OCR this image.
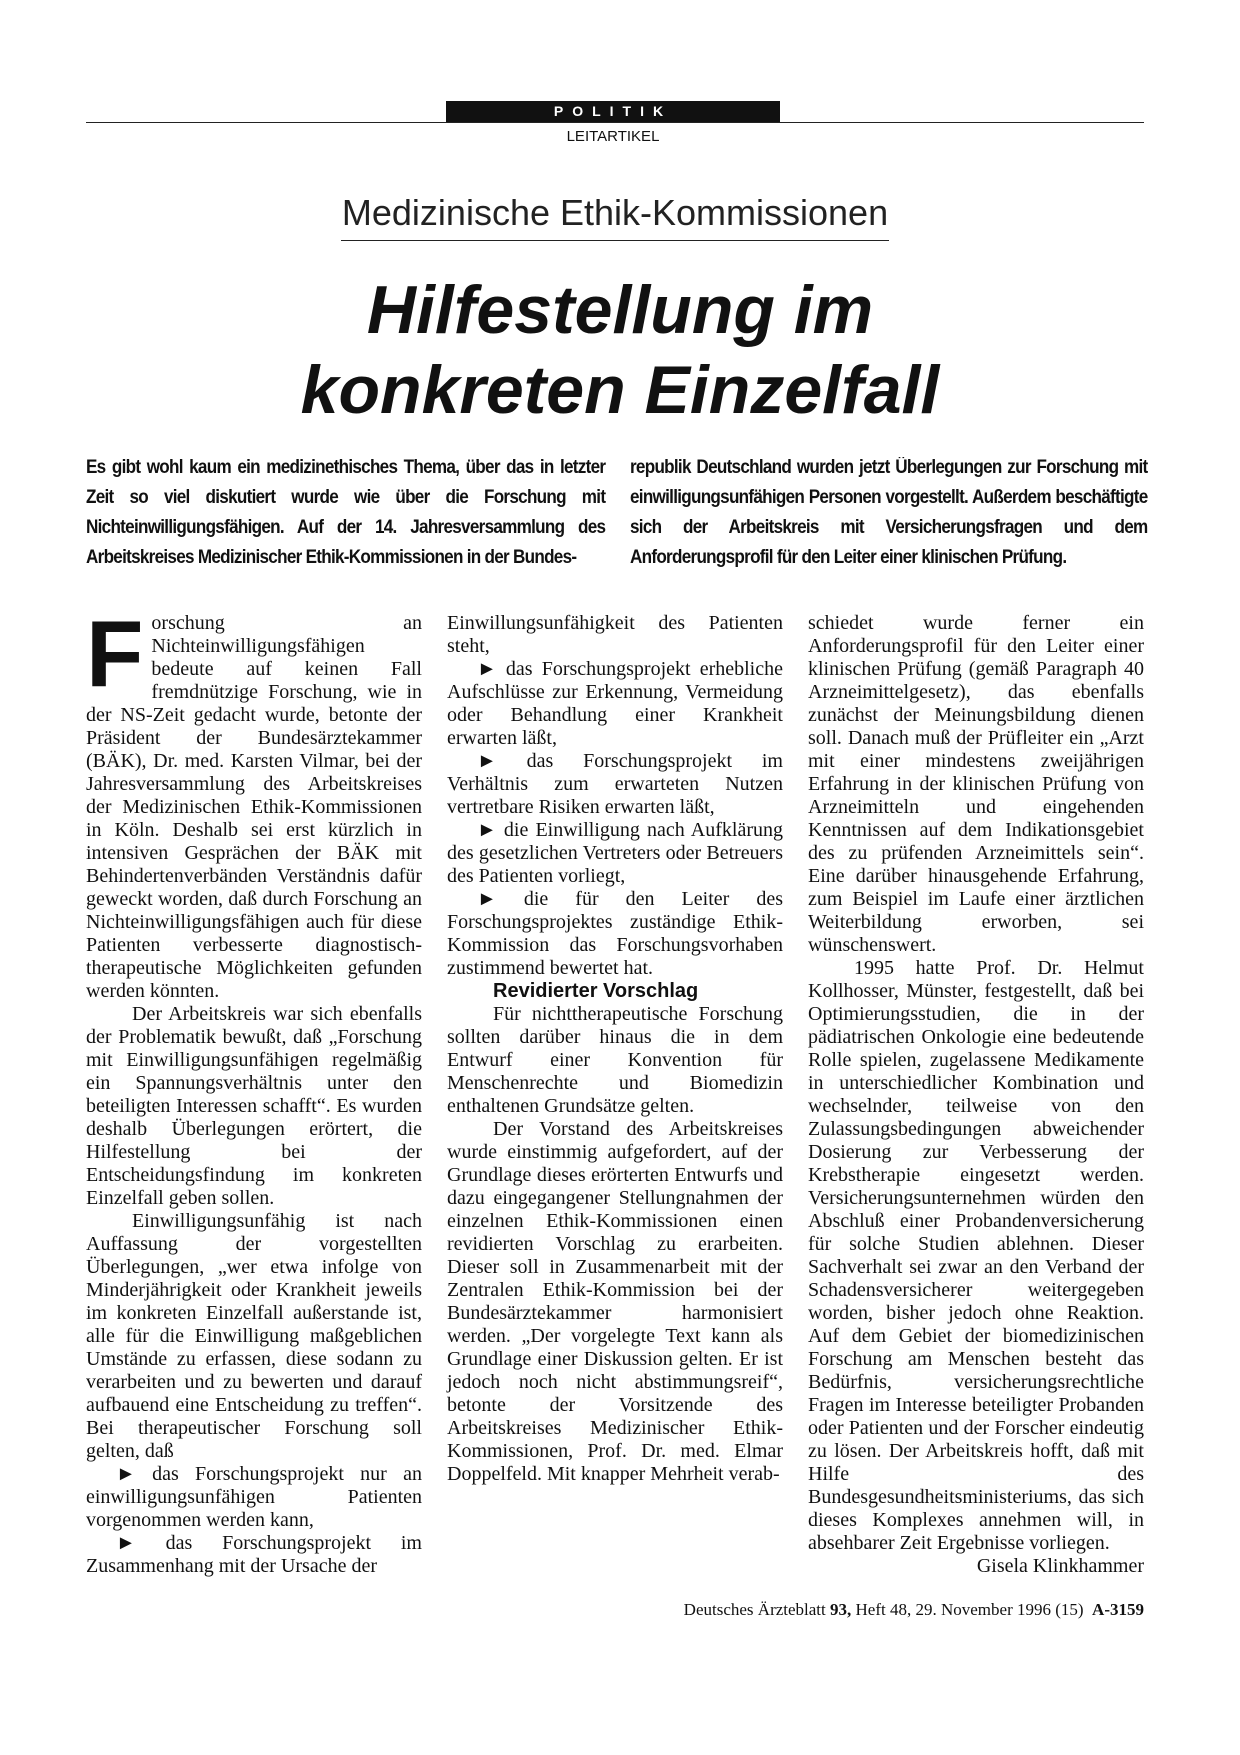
POLITIK
LEITARTIKEL
Medizinische Ethik-Kommissionen
Hilfestellung im
konkreten Einzelfall
Es gibt wohl kaum ein medizinethisches Thema, über das in letzter Zeit so viel diskutiert wurde wie über die Forschung mit Nichteinwilligungsfähigen. Auf der 14. Jahresversammlung des Arbeitskreises Medizinischer Ethik-Kommissionen in der Bundes-
republik Deutschland wurden jetzt Überlegungen zur Forschung mit einwilligungsunfähigen Personen vorgestellt. Außerdem beschäftigte sich der Arbeitskreis mit Versicherungsfragen und dem Anforderungsprofil für den Leiter einer klinischen Prüfung.

Forschung an Nichteinwilligungsfähigen bedeute auf keinen Fall fremdnützige Forschung, wie in der NS-Zeit gedacht wurde, betonte der Präsident der Bundesärztekammer (BÄK), Dr. med. Karsten Vilmar, bei der Jahresversammlung des Arbeitskreises der Medizinischen Ethik-Kommissionen in Köln. Deshalb sei erst kürzlich in intensiven Gesprächen der BÄK mit Behindertenverbänden Verständnis dafür geweckt worden, daß durch Forschung an Nichteinwilligungsfähigen auch für diese Patienten verbesserte diagnostisch-therapeutische Möglichkeiten gefunden werden könnten.

Der Arbeitskreis war sich ebenfalls der Problematik bewußt, daß „Forschung mit Einwilligungsunfähigen regelmäßig ein Spannungsverhältnis unter den beteiligten Interessen schafft“. Es wurden deshalb Überlegungen erörtert, die Hilfestellung bei der Entscheidungsfindung im konkreten Einzelfall geben sollen.

Einwilligungsunfähig ist nach Auffassung der vorgestellten Überlegungen, „wer etwa infolge von Minderjährigkeit oder Krankheit jeweils im konkreten Einzelfall außerstande ist, alle für die Einwilligung maßgeblichen Umstände zu erfassen, diese sodann zu verarbeiten und zu bewerten und darauf aufbauend eine Entscheidung zu treffen“. Bei therapeutischer Forschung soll gelten, daß

► das Forschungsprojekt nur an einwilligungsunfähigen Patienten vorgenommen werden kann,

► das Forschungsprojekt im Zusammenhang mit der Ursache der

Einwillungsunfähigkeit des Patienten steht,

► das Forschungsprojekt erhebliche Aufschlüsse zur Erkennung, Vermeidung oder Behandlung einer Krankheit erwarten läßt,

► das Forschungsprojekt im Verhältnis zum erwarteten Nutzen vertretbare Risiken erwarten läßt,

► die Einwilligung nach Aufklärung des gesetzlichen Vertreters oder Betreuers des Patienten vorliegt,

► die für den Leiter des Forschungsprojektes zuständige Ethik-Kommission das Forschungsvorhaben zustimmend bewertet hat.

Revidierter Vorschlag

Für nichttherapeutische Forschung sollten darüber hinaus die in dem Entwurf einer Konvention für Menschenrechte und Biomedizin enthaltenen Grundsätze gelten.

Der Vorstand des Arbeitskreises wurde einstimmig aufgefordert, auf der Grundlage dieses erörterten Entwurfs und dazu eingegangener Stellungnahmen der einzelnen Ethik-Kommissionen einen revidierten Vorschlag zu erarbeiten. Dieser soll in Zusammenarbeit mit der Zentralen Ethik-Kommission bei der Bundesärztekammer harmonisiert werden. „Der vorgelegte Text kann als Grundlage einer Diskussion gelten. Er ist jedoch noch nicht abstimmungsreif“, betonte der Vorsitzende des Arbeitskreises Medizinischer Ethik-Kommissionen, Prof. Dr. med. Elmar Doppelfeld. Mit knapper Mehrheit verab-

schiedet wurde ferner ein Anforderungsprofil für den Leiter einer klinischen Prüfung (gemäß Paragraph 40 Arzneimittelgesetz), das ebenfalls zunächst der Meinungsbildung dienen soll. Danach muß der Prüfleiter ein „Arzt mit einer mindestens zweijährigen Erfahrung in der klinischen Prüfung von Arzneimitteln und eingehenden Kenntnissen auf dem Indikationsgebiet des zu prüfenden Arzneimittels sein“. Eine darüber hinausgehende Erfahrung, zum Beispiel im Laufe einer ärztlichen Weiterbildung erworben, sei wünschenswert.

1995 hatte Prof. Dr. Helmut Kollhosser, Münster, festgestellt, daß bei Optimierungsstudien, die in der pädiatrischen Onkologie eine bedeutende Rolle spielen, zugelassene Medikamente in unterschiedlicher Kombination und wechselnder, teilweise von den Zulassungsbedingungen abweichender Dosierung zur Verbesserung der Krebstherapie eingesetzt werden. Versicherungsunternehmen würden den Abschluß einer Probandenversicherung für solche Studien ablehnen. Dieser Sachverhalt sei zwar an den Verband der Schadensversicherer weitergegeben worden, bisher jedoch ohne Reaktion. Auf dem Gebiet der biomedizinischen Forschung am Menschen besteht das Bedürfnis, versicherungsrechtliche Fragen im Interesse beteiligter Probanden oder Patienten und der Forscher eindeutig zu lösen. Der Arbeitskreis hofft, daß mit Hilfe des Bundesgesundheitsministeriums, das sich dieses Komplexes annehmen will, in absehbarer Zeit Ergebnisse vorliegen.
Gisela Klinkhammer

Deutsches Ärzteblatt 93, Heft 48, 29. November 1996 (15) A-3159
